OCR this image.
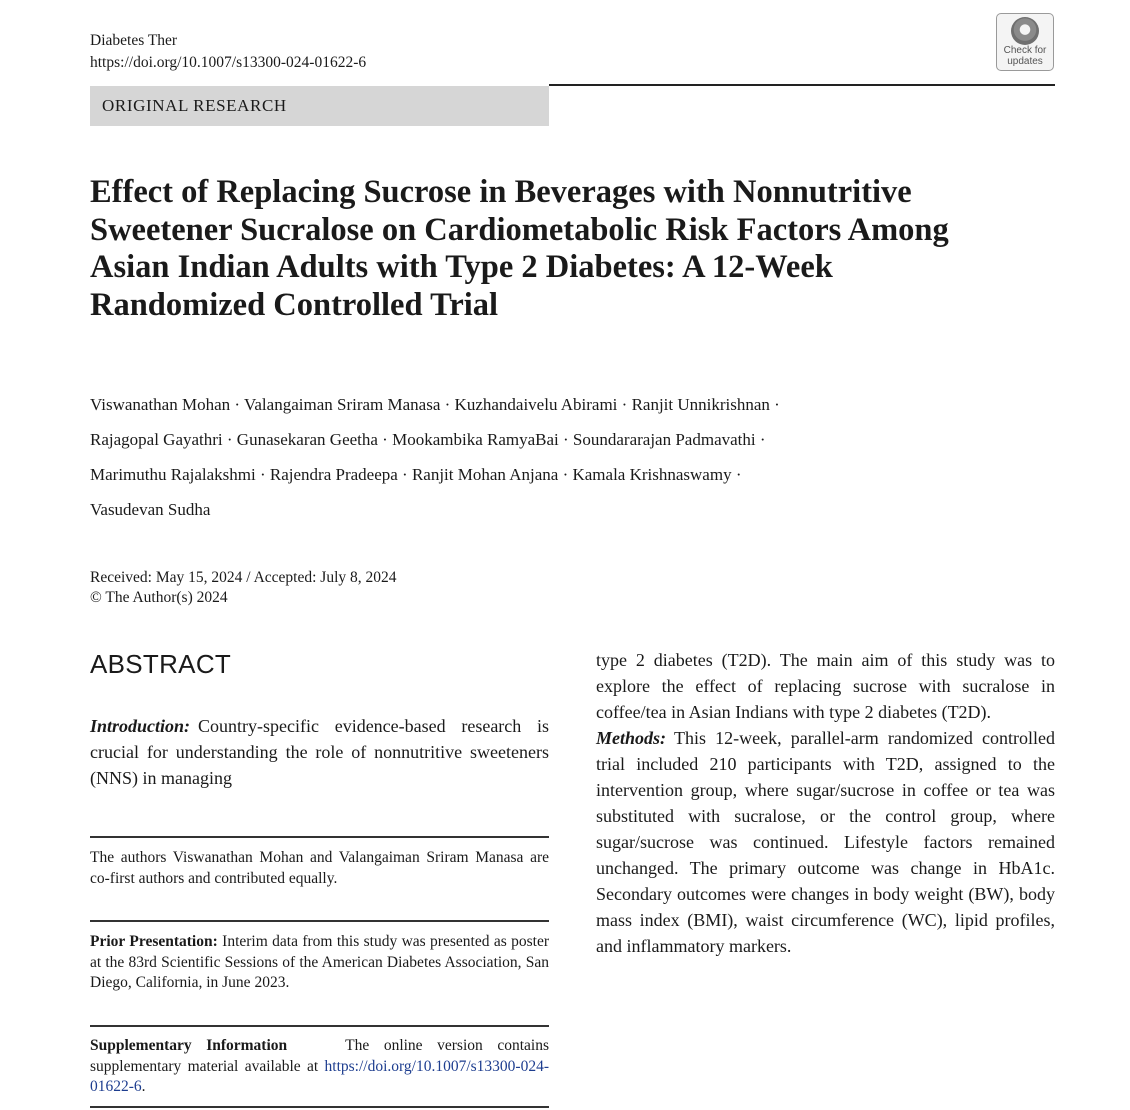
Diabetes Ther
https://doi.org/10.1007/s13300-024-01622-6
Check for
updates
ORIGINAL RESEARCH
Effect of Replacing Sucrose in Beverages with Nonnutritive Sweetener Sucralose on Cardiometabolic Risk Factors Among Asian Indian Adults with Type 2 Diabetes: A 12-Week Randomized Controlled Trial
Viswanathan Mohan · Valangaiman Sriram Manasa · Kuzhandaivelu Abirami · Ranjit Unnikrishnan ·
Rajagopal Gayathri · Gunasekaran Geetha · Mookambika RamyaBai · Soundararajan Padmavathi ·
Marimuthu Rajalakshmi · Rajendra Pradeepa · Ranjit Mohan Anjana · Kamala Krishnaswamy ·
Vasudevan Sudha
Received: May 15, 2024 / Accepted: July 8, 2024
© The Author(s) 2024
ABSTRACT

Introduction: Country-specific evidence-based research is crucial for understanding the role of nonnutritive sweeteners (NNS) in managing

The authors Viswanathan Mohan and Valangaiman Sriram Manasa are co-first authors and contributed equally.

Prior Presentation: Interim data from this study was presented as poster at the 83rd Scientific Sessions of the American Diabetes Association, San Diego, California, in June 2023.

Supplementary Information	The online version contains supplementary material available at https://doi.org/10.1007/s13300-024-01622-6.

type 2 diabetes (T2D). The main aim of this study was to explore the effect of replacing sucrose with sucralose in coffee/tea in Asian Indians with type 2 diabetes (T2D).

Methods: This 12-week, parallel-arm randomized controlled trial included 210 participants with T2D, assigned to the intervention group, where sugar/sucrose in coffee or tea was substituted with sucralose, or the control group, where sugar/sucrose was continued. Lifestyle factors remained unchanged. The primary outcome was change in HbA1c. Secondary outcomes were changes in body weight (BW), body mass index (BMI), waist circumference (WC), lipid profiles, and inflammatory markers.
